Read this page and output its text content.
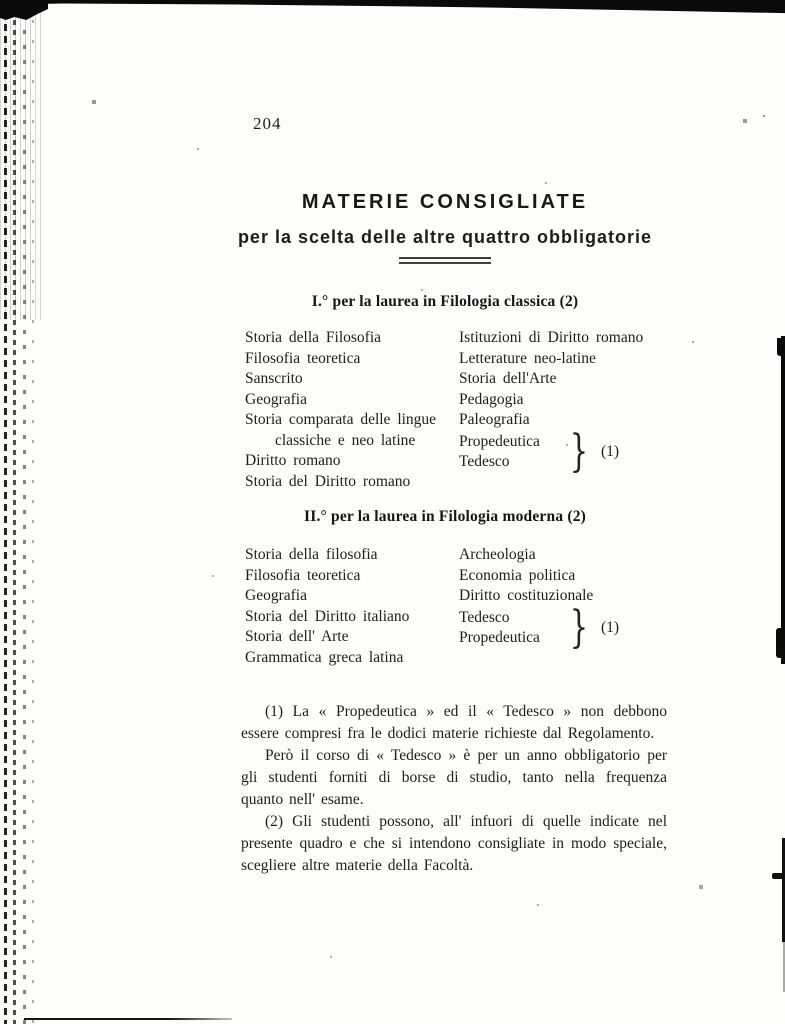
204
MATERIE CONSIGLIATE
per la scelta delle altre quattro obbligatorie
I.° per la laurea in Filologia classica (2)
Storia della Filosofia
Filosofia teoretica
Sanscrito
Geografia
Storia comparata delle lingue classiche e neo latine
Diritto romano
Storia del Diritto romano
Istituzioni di Diritto romano
Letterature neo-latine
Storia dell'Arte
Pedagogia
Paleografia
Propedeutica
Tedesco	} (1)
II.° per la laurea in Filologia moderna (2)
Storia della filosofia
Filosofia teoretica
Geografia
Storia del Diritto italiano
Storia dell' Arte
Grammatica greca latina
Archeologia
Economia politica
Diritto costituzionale
Tedesco
Propedeutica } (1)

(1) La « Propedeutica » ed il « Tedesco » non debbono essere compresi fra le dodici materie richieste dal Regolamento.

Però il corso di « Tedesco » è per un anno obbligatorio per gli studenti forniti di borse di studio, tanto nella frequenza quanto nell' esame.

(2) Gli studenti possono, all' infuori di quelle indicate nel presente quadro e che si intendono consigliate in modo speciale, scegliere altre materie della Facoltà.
